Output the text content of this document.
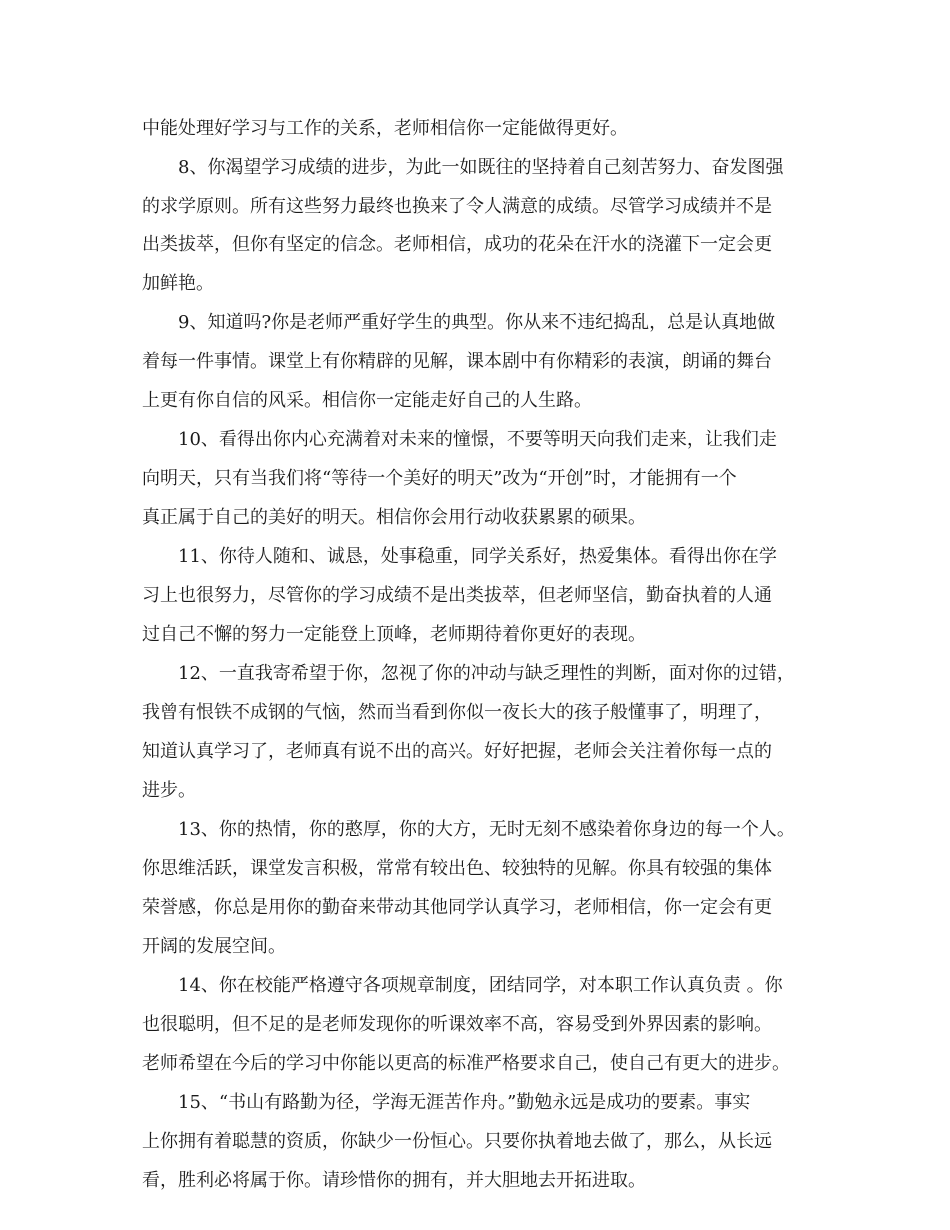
中能处理好学习与工作的关系，老师相信你一定能做得更好。
8、你渴望学习成绩的进步，为此一如既往的坚持着自己刻苦努力、奋发图强
的求学原则。所有这些努力最终也换来了令人满意的成绩。尽管学习成绩并不是
出类拔萃，但你有坚定的信念。老师相信，成功的花朵在汗水的浇灌下一定会更
加鲜艳。
9、知道吗?你是老师严重好学生的典型。你从来不违纪捣乱，总是认真地做
着每一件事情。课堂上有你精辟的见解，课本剧中有你精彩的表演，朗诵的舞台
上更有你自信的风采。相信你一定能走好自己的人生路。
10、看得出你内心充满着对未来的憧憬，不要等明天向我们走来，让我们走
向明天，只有当我们将“等待一个美好的明天”改为“开创”时，才能拥有一个
真正属于自己的美好的明天。相信你会用行动收获累累的硕果。
11、你待人随和、诚恳，处事稳重，同学关系好，热爱集体。看得出你在学
习上也很努力，尽管你的学习成绩不是出类拔萃，但老师坚信，勤奋执着的人通
过自己不懈的努力一定能登上顶峰，老师期待着你更好的表现。
12、一直我寄希望于你，忽视了你的冲动与缺乏理性的判断，面对你的过错，
我曾有恨铁不成钢的气恼，然而当看到你似一夜长大的孩子般懂事了，明理了，
知道认真学习了，老师真有说不出的高兴。好好把握，老师会关注着你每一点的
进步。
13、你的热情，你的憨厚，你的大方，无时无刻不感染着你身边的每一个人。
你思维活跃，课堂发言积极，常常有较出色、较独特的见解。你具有较强的集体
荣誉感，你总是用你的勤奋来带动其他同学认真学习，老师相信，你一定会有更
开阔的发展空间。
14、你在校能严格遵守各项规章制度，团结同学，对本职工作认真负责 。你
也很聪明，但不足的是老师发现你的听课效率不高，容易受到外界因素的影响。
老师希望在今后的学习中你能以更高的标准严格要求自己，使自己有更大的进步。
15、“书山有路勤为径，学海无涯苦作舟。”勤勉永远是成功的要素。事实
上你拥有着聪慧的资质，你缺少一份恒心。只要你执着地去做了，那么，从长远
看，胜利必将属于你。请珍惜你的拥有，并大胆地去开拓进取。
